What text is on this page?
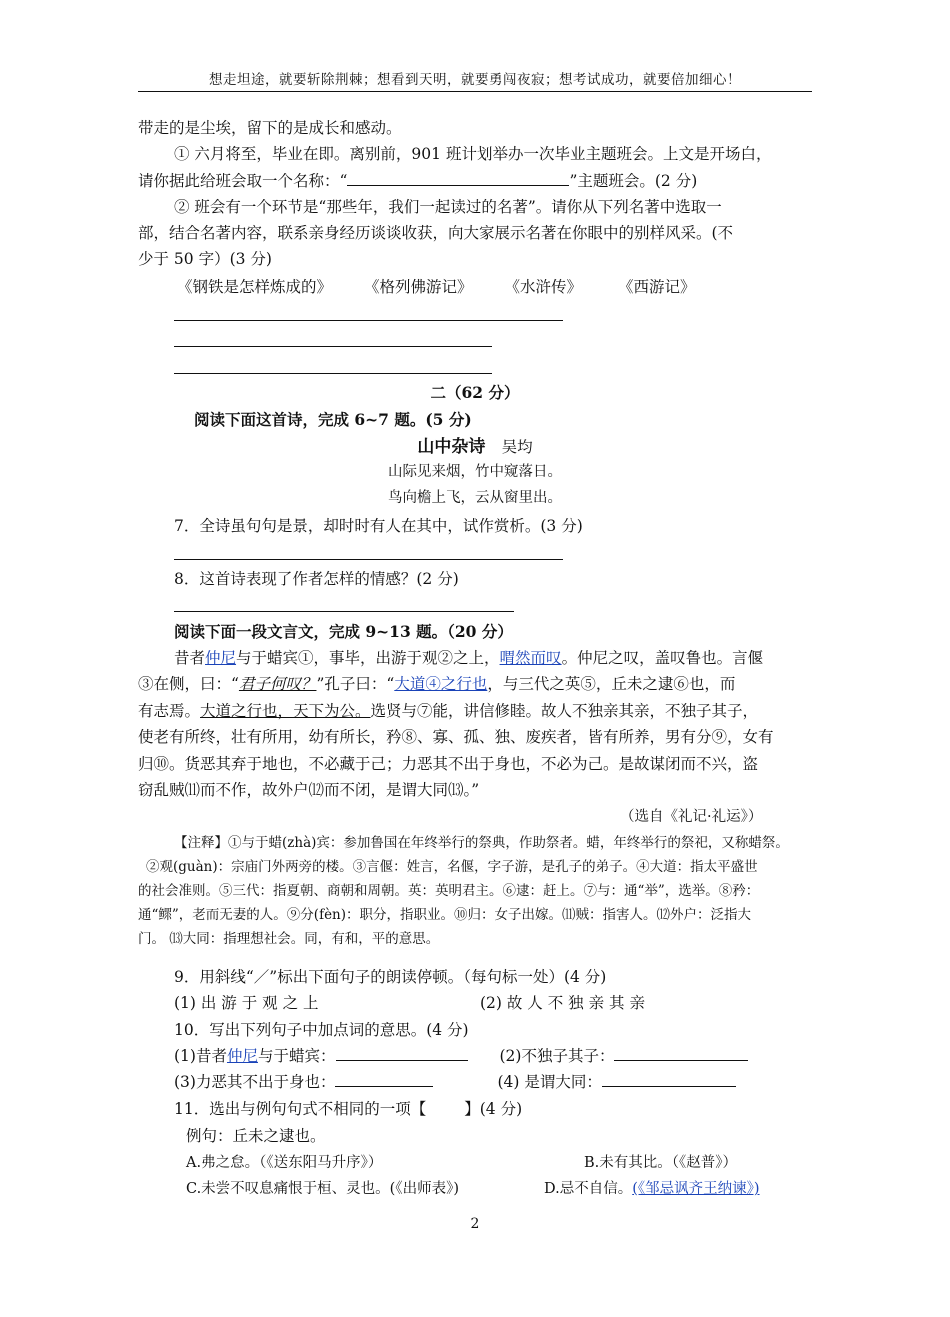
想走坦途，就要斩除荆棘；想看到天明，就要勇闯夜寂；想考试成功，就要倍加细心！
带走的是尘埃，留下的是成长和感动。
① 六月将至，毕业在即。离别前，901 班计划举办一次毕业主题班会。上文是开场白，
请你据此给班会取一个名称：“	”主题班会。(2 分)
② 班会有一个环节是“那些年，我们一起读过的名著”。请你从下列名著中选取一
部，结合名著内容，联系亲身经历谈谈收获，向大家展示名著在你眼中的别样风采。(不
少于 50 字）(3 分)
《钢铁是怎样炼成的》 《格列佛游记》 《水浒传》 《西游记》
二（62 分）
阅读下面这首诗，完成 6~7 题。(5 分)
山中杂诗 吴均
山际见来烟，竹中窥落日。
鸟向檐上飞，云从窗里出。
7．全诗虽句句是景，却时时有人在其中，试作赏析。(3 分)
8．这首诗表现了作者怎样的情感？(2 分)
阅读下面一段文言文，完成 9~13 题。（20 分）
昔者仲尼与于蜡宾①，事毕，出游于观②之上，喟然而叹。仲尼之叹，盖叹鲁也。言偃
③在侧，曰：“君子何叹？”孔子曰：“大道④之行也，与三代之英⑤，丘未之逮⑥也，而
有志焉。大道之行也，天下为公。选贤与⑦能，讲信修睦。故人不独亲其亲，不独子其子，
使老有所终，壮有所用，幼有所长，矜⑧、寡、孤、独、废疾者，皆有所养，男有分⑨，女有
归⑩。货恶其弃于地也，不必藏于己；力恶其不出于身也，不必为己。是故谋闭而不兴，盗
窃乱贼⑾而不作，故外户⑿而不闭，是谓大同⒀。”
（选自《礼记·礼运》）
【注释】①与于蜡(zhà)宾：参加鲁国在年终举行的祭典，作助祭者。蜡，年终举行的祭祀，又称蜡祭。
②观(guàn)：宗庙门外两旁的楼。③言偃：姓言，名偃，字子游，是孔子的弟子。④大道：指太平盛世
的社会准则。⑤三代：指夏朝、商朝和周朝。英：英明君主。⑥逮：赶上。⑦与：通“举”，选举。⑧矜：
通“鳏”，老而无妻的人。⑨分(fèn)：职分，指职业。⑩归：女子出嫁。⑾贼：指害人。⑿外户：泛指大
门。 ⒀大同：指理想社会。同，有和，平的意思。
9．用斜线“／”标出下面句子的朗读停顿。（每句标一处）(4 分)
(1) 出 游 于 观 之 上	(2) 故 人 不 独 亲 其 亲
10．写出下列句子中加点词的意思。(4 分)
(1)昔者仲尼与于蜡宾：	(2)不独子其子：
(3)力恶其不出于身也：	(4) 是谓大同：
11．选出与例句句式不相同的一项【 】(4 分)
例句：丘未之逮也。
A.弗之怠。（《送东阳马升序》）	B.未有其比。（《赵普》）
C.未尝不叹息痛恨于桓、灵也。(《出师表》)	D.忌不自信。(《邹忌讽齐王纳谏》)
2
